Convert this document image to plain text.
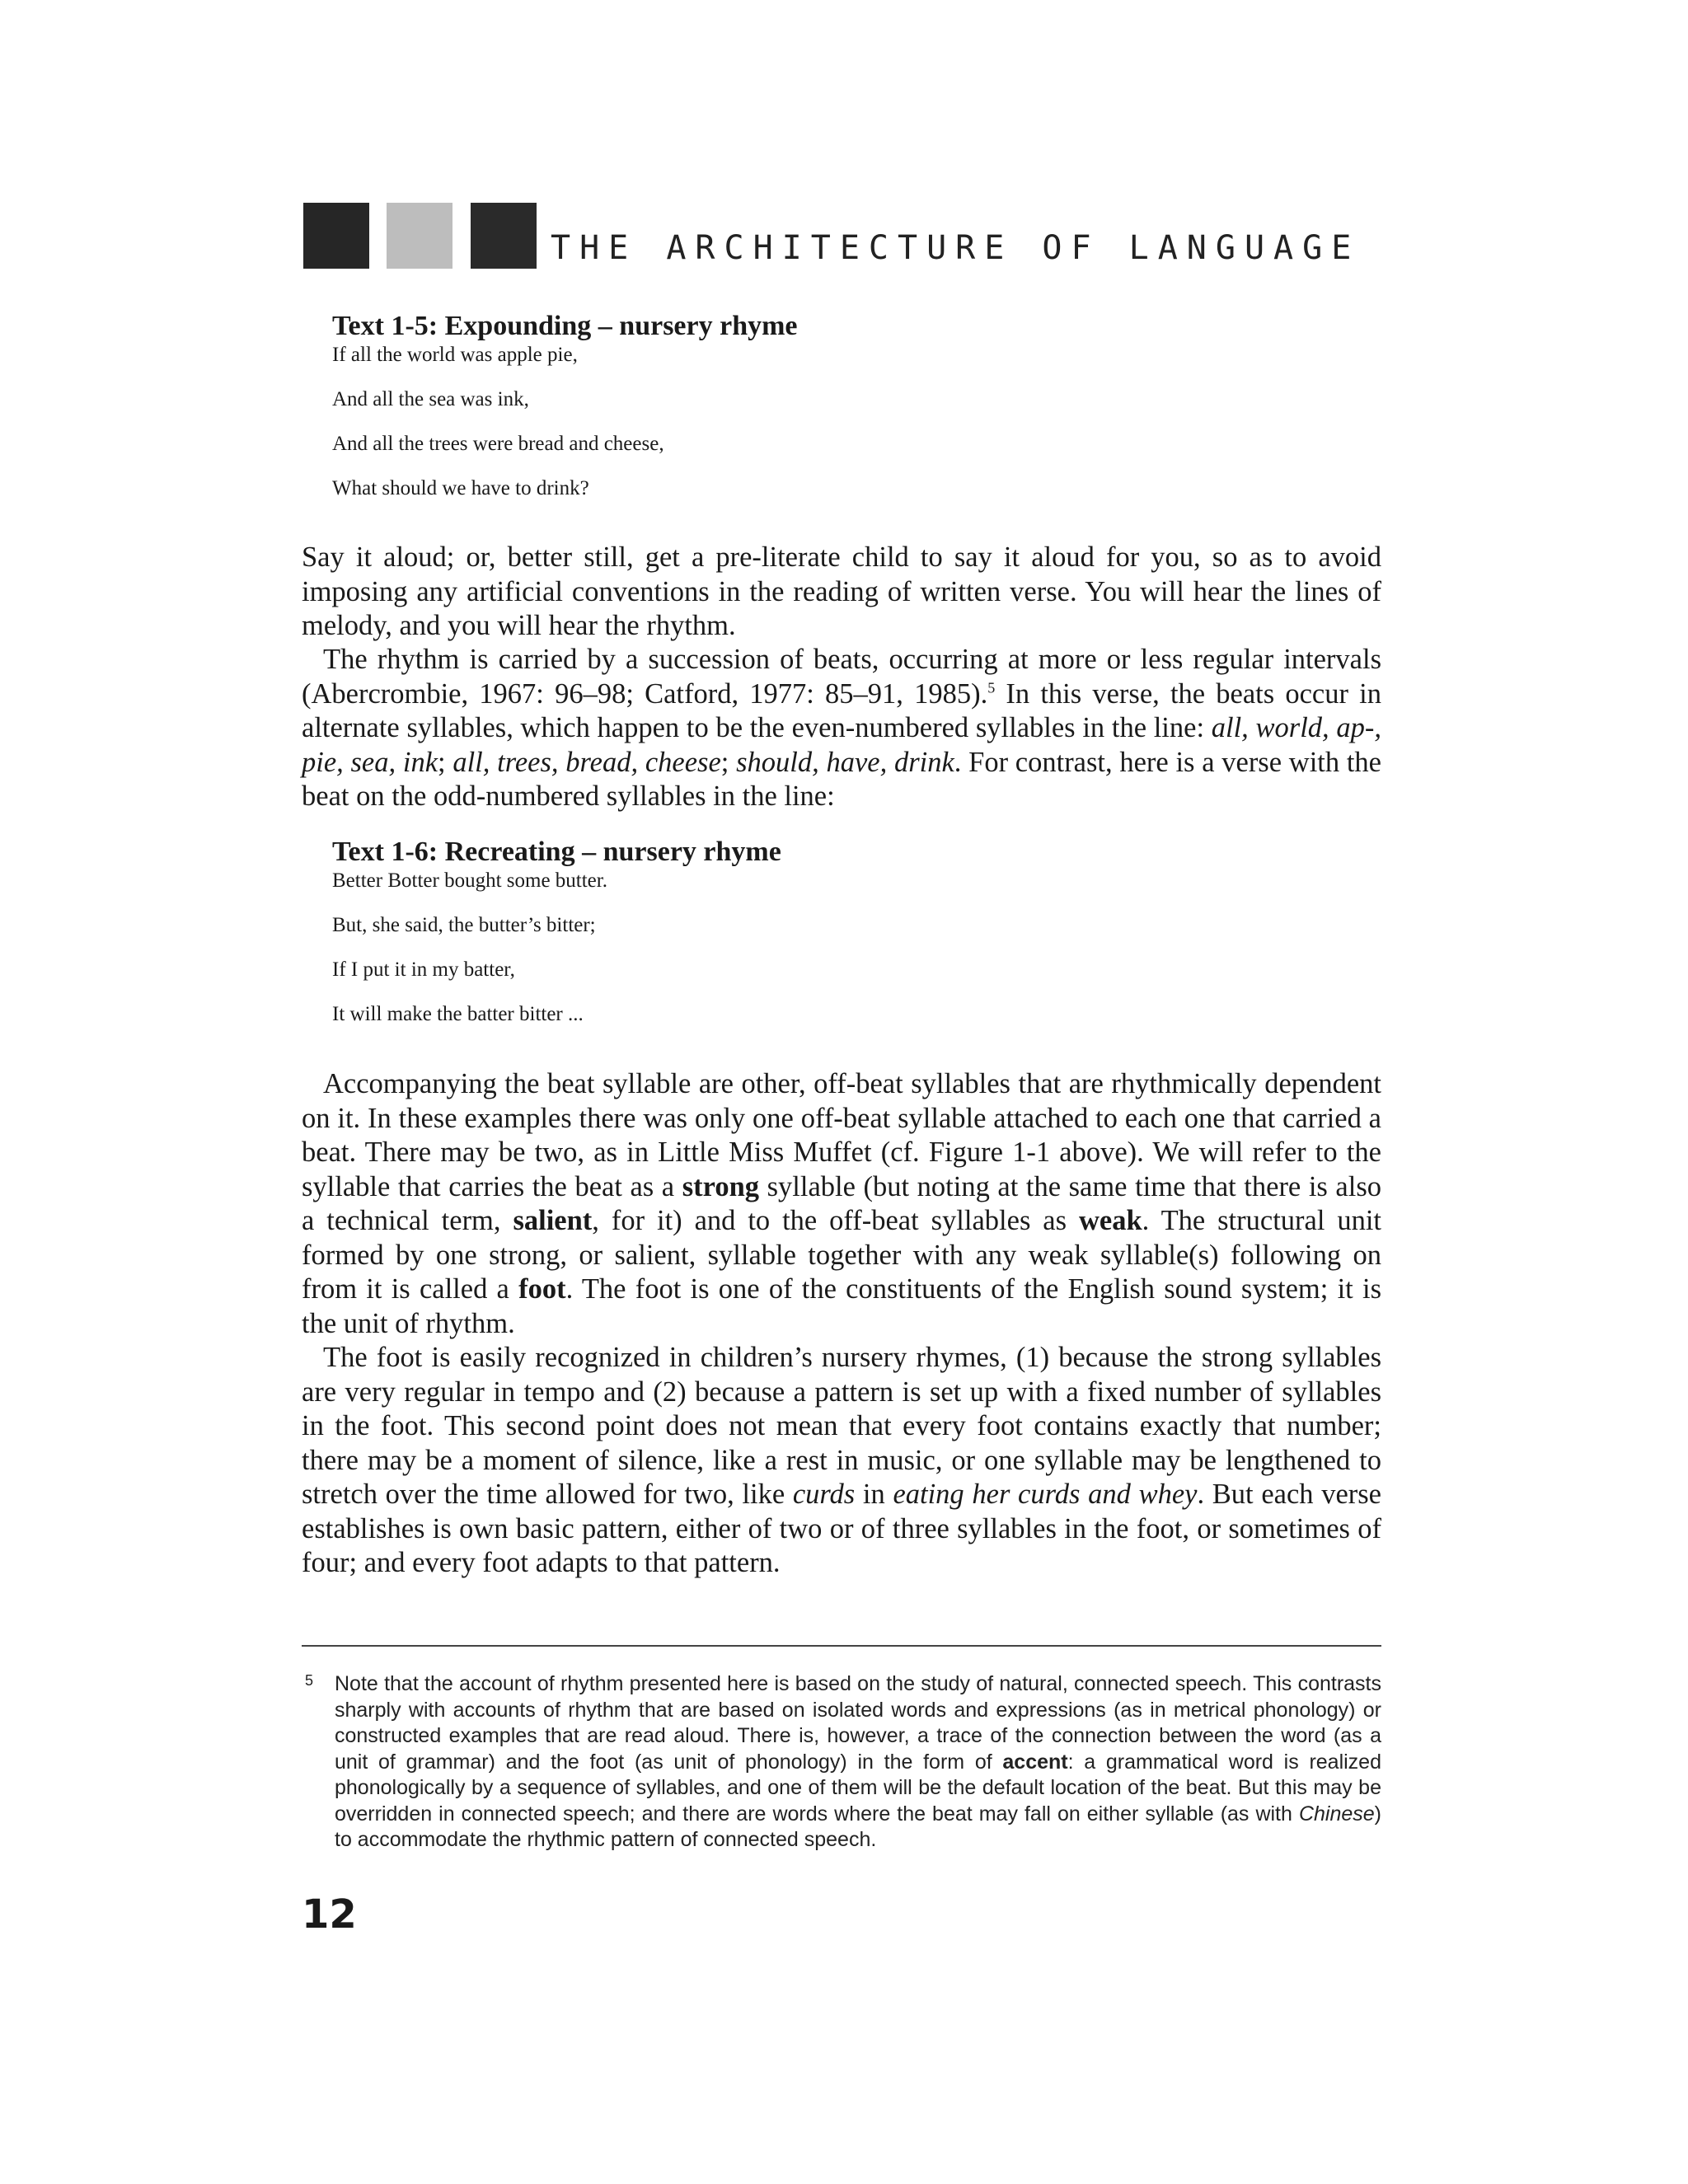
THE ARCHITECTURE OF LANGUAGE

Text 1-5: Expounding – nursery rhyme

If all the world was apple pie,

And all the sea was ink,

And all the trees were bread and cheese,

What should we have to drink?

Say it aloud; or, better still, get a pre-literate child to say it aloud for you, so as to avoid imposing any artificial conventions in the reading of written verse. You will hear the lines of melody, and you will hear the rhythm.

The rhythm is carried by a succession of beats, occurring at more or less regular intervals (Abercrombie, 1967: 96–98; Catford, 1977: 85–91, 1985).$^5$ In this verse, the beats occur in alternate syllables, which happen to be the even-numbered syllables in the line: all, world, ap-, pie, sea, ink; all, trees, bread, cheese; should, have, drink. For contrast, here is a verse with the beat on the odd-numbered syllables in the line:

Text 1-6: Recreating – nursery rhyme

Better Botter bought some butter.

But, she said, the butter’s bitter;

If I put it in my batter,

It will make the batter bitter ...

Accompanying the beat syllable are other, off-beat syllables that are rhythmically dependent on it. In these examples there was only one off-beat syllable attached to each one that carried a beat. There may be two, as in Little Miss Muffet (cf. Figure 1-1 above). We will refer to the syllable that carries the beat as a strong syllable (but noting at the same time that there is also a technical term, salient, for it) and to the off-beat syllables as weak. The structural unit formed by one strong, or salient, syllable together with any weak syllable(s) following on from it is called a foot. The foot is one of the constituents of the English sound system; it is the unit of rhythm.

The foot is easily recognized in children’s nursery rhymes, (1) because the strong syllables are very regular in tempo and (2) because a pattern is set up with a fixed number of syllables in the foot. This second point does not mean that every foot contains exactly that number; there may be a moment of silence, like a rest in music, or one syllable may be lengthened to stretch over the time allowed for two, like curds in eating her curds and whey. But each verse establishes is own basic pattern, either of two or of three syllables in the foot, or sometimes of four; and every foot adapts to that pattern.

5 Note that the account of rhythm presented here is based on the study of natural, connected speech. This contrasts sharply with accounts of rhythm that are based on isolated words and expressions (as in metrical phonology) or constructed examples that are read aloud. There is, however, a trace of the connection between the word (as a unit of grammar) and the foot (as unit of phonology) in the form of accent: a grammatical word is realized phonologically by a sequence of syllables, and one of them will be the default location of the beat. But this may be overridden in connected speech; and there are words where the beat may fall on either syllable (as with Chinese) to accommodate the rhythmic pattern of connected speech.
12
